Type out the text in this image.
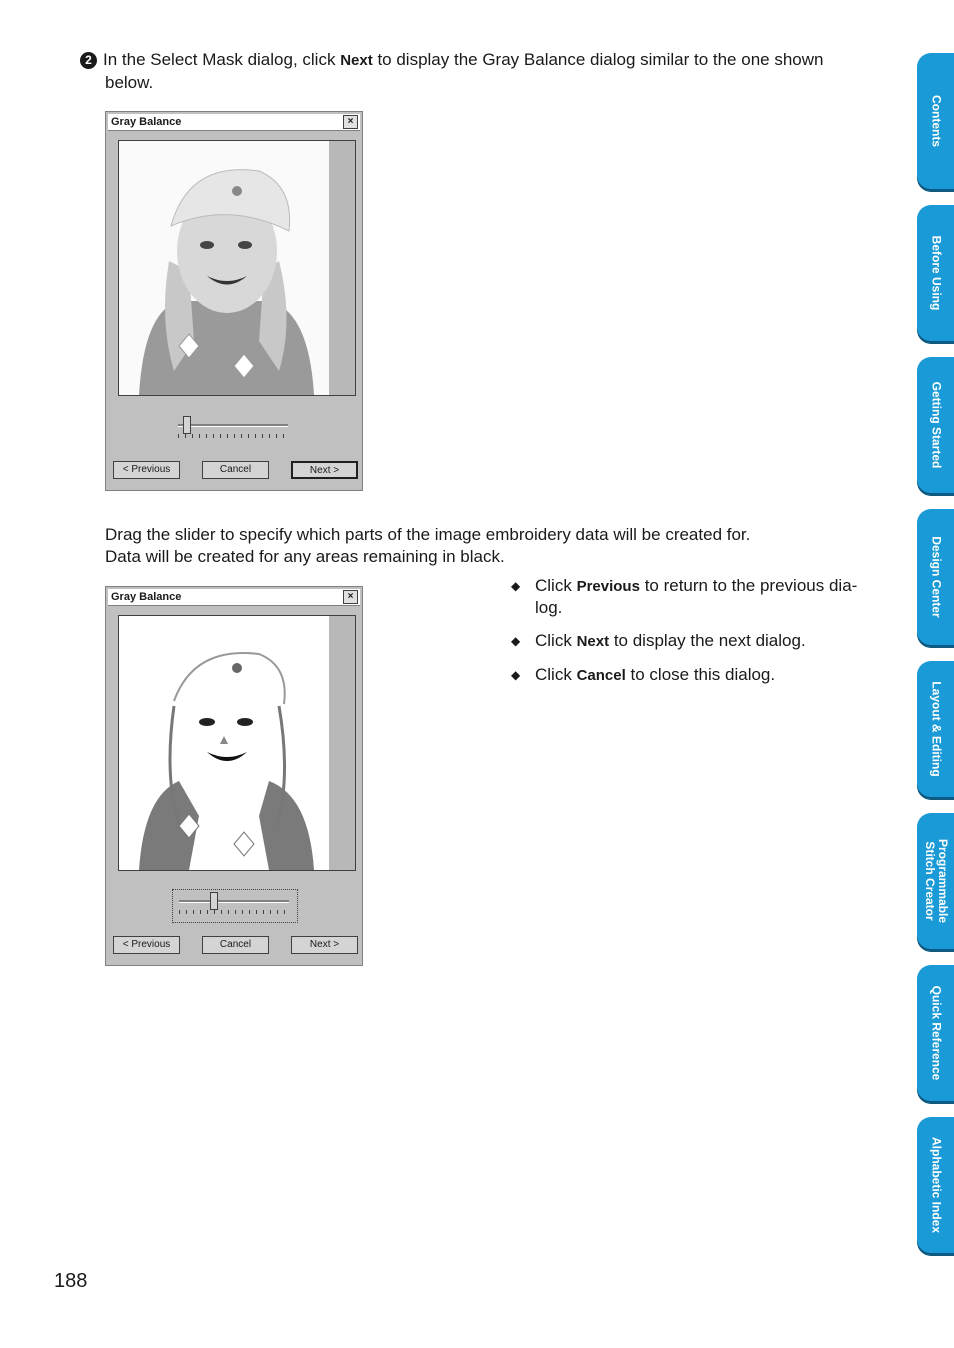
2 In the Select Mask dialog, click Next to display the Gray Balance dialog similar to the one shown
below.
Gray Balance	×
< Previous	Cancel	Next >
Drag the slider to specify which parts of the image embroidery data will be created for.
Data will be created for any areas remaining in black.
Gray Balance	×
< Previous	Cancel	Next >
◆ Click Previous to return to the previous dia-
log.
◆ Click Next to display the next dialog.
◆ Click Cancel to close this dialog.
188
Contents
Before Using
Getting Started
Design Center
Layout & Editing
Programmable
Stitch Creator
Quick Reference
Alphabetic Index
